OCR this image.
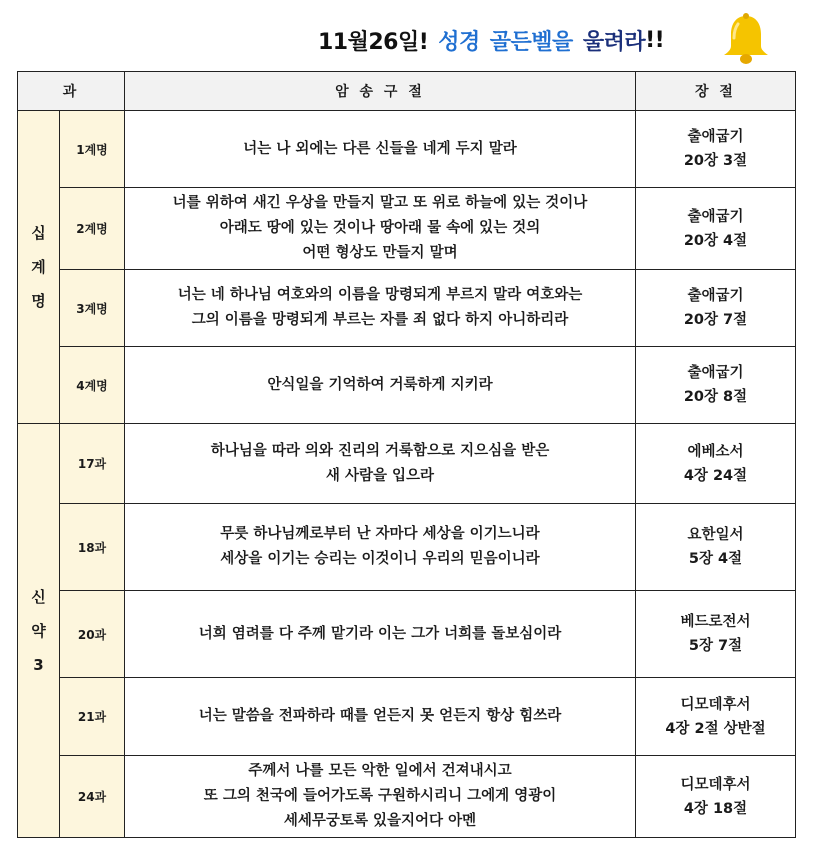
11월26일! 성경 골든벨을 울려라 !!
과		암 송 구 절	장 절

십
계
명	1계명	너는 나 외에는 다른 신들을 네게 두지 말라	출애굽기
20장 3절

	2계명	너를 위하여 새긴 우상을 만들지 말고 또 위로 하늘에 있는 것이나
아래도 땅에 있는 것이나 땅아래 물 속에 있는 것의
어떤 형상도 만들지 말며	출애굽기
20장 4절

	3계명	너는 네 하나님 여호와의 이름을 망령되게 부르지 말라 여호와는
그의 이름을 망령되게 부르는 자를 죄 없다 하지 아니하리라	출애굽기
20장 7절

	4계명	안식일을 기억하여 거룩하게 지키라	출애굽기
20장 8절

신
약
3	17과	하나님을 따라 의와 진리의 거룩함으로 지으심을 받은
새 사람을 입으라	에베소서
4장 24절

	18과	무릇 하나님께로부터 난 자마다 세상을 이기느니라
세상을 이기는 승리는 이것이니 우리의 믿음이니라	요한일서
5장 4절

	20과	너희 염려를 다 주께 맡기라 이는 그가 너희를 돌보심이라	베드로전서
5장 7절

	21과	너는 말씀을 전파하라 때를 얻든지 못 얻든지 항상 힘쓰라	디모데후서
4장 2절 상반절

	24과	주께서 나를 모든 악한 일에서 건져내시고
또 그의 천국에 들어가도록 구원하시리니 그에게 영광이
세세무궁토록 있을지어다 아멘	디모데후서
4장 18절
